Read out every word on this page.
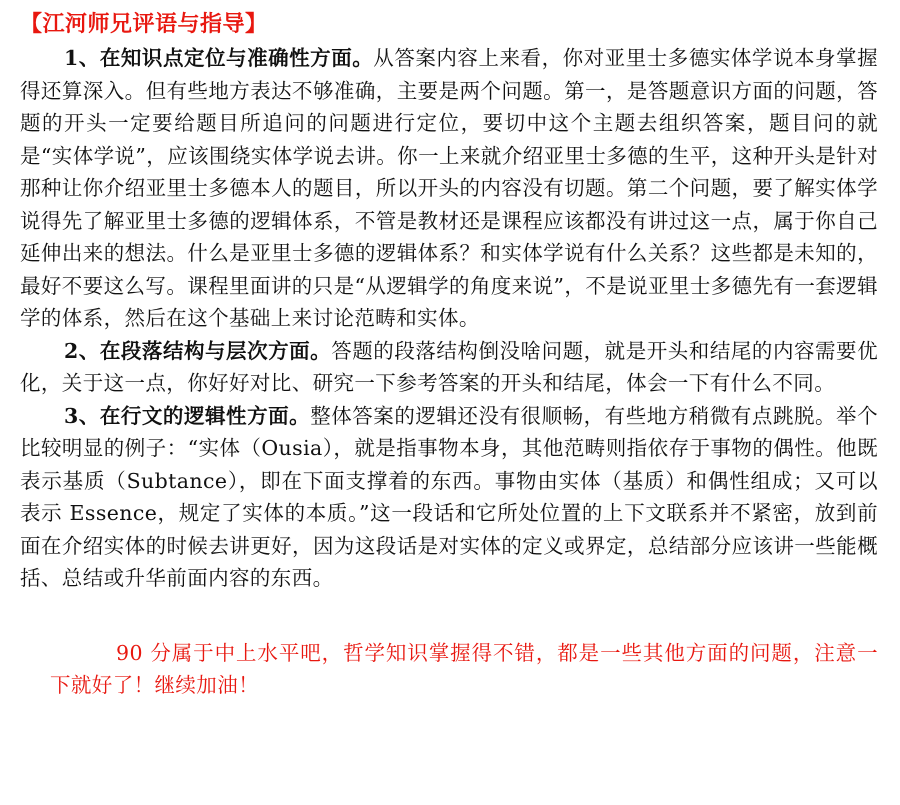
【江河师兄评语与指导】

1、在知识点定位与准确性方面。从答案内容上来看，你对亚里士多德实体学说本身掌握得还算深入。但有些地方表达不够准确，主要是两个问题。第一，是答题意识方面的问题，答题的开头一定要给题目所追问的问题进行定位，要切中这个主题去组织答案，题目问的就是“实体学说”，应该围绕实体学说去讲。你一上来就介绍亚里士多德的生平，这种开头是针对那种让你介绍亚里士多德本人的题目，所以开头的内容没有切题。第二个问题，要了解实体学说得先了解亚里士多德的逻辑体系，不管是教材还是课程应该都没有讲过这一点，属于你自己延伸出来的想法。什么是亚里士多德的逻辑体系？和实体学说有什么关系？这些都是未知的，最好不要这么写。课程里面讲的只是“从逻辑学的角度来说”，不是说亚里士多德先有一套逻辑学的体系，然后在这个基础上来讨论范畴和实体。

2、在段落结构与层次方面。答题的段落结构倒没啥问题，就是开头和结尾的内容需要优化，关于这一点，你好好对比、研究一下参考答案的开头和结尾，体会一下有什么不同。

3、在行文的逻辑性方面。整体答案的逻辑还没有很顺畅，有些地方稍微有点跳脱。举个比较明显的例子：“实体（Ousia），就是指事物本身，其他范畴则指依存于事物的偶性。他既表示基质（Subtance），即在下面支撑着的东西。事物由实体（基质）和偶性组成；又可以表示 Essence，规定了实体的本质。”这一段话和它所处位置的上下文联系并不紧密，放到前面在介绍实体的时候去讲更好，因为这段话是对实体的定义或界定，总结部分应该讲一些能概括、总结或升华前面内容的东西。

90 分属于中上水平吧，哲学知识掌握得不错，都是一些其他方面的问题，注意一下就好了！继续加油！
